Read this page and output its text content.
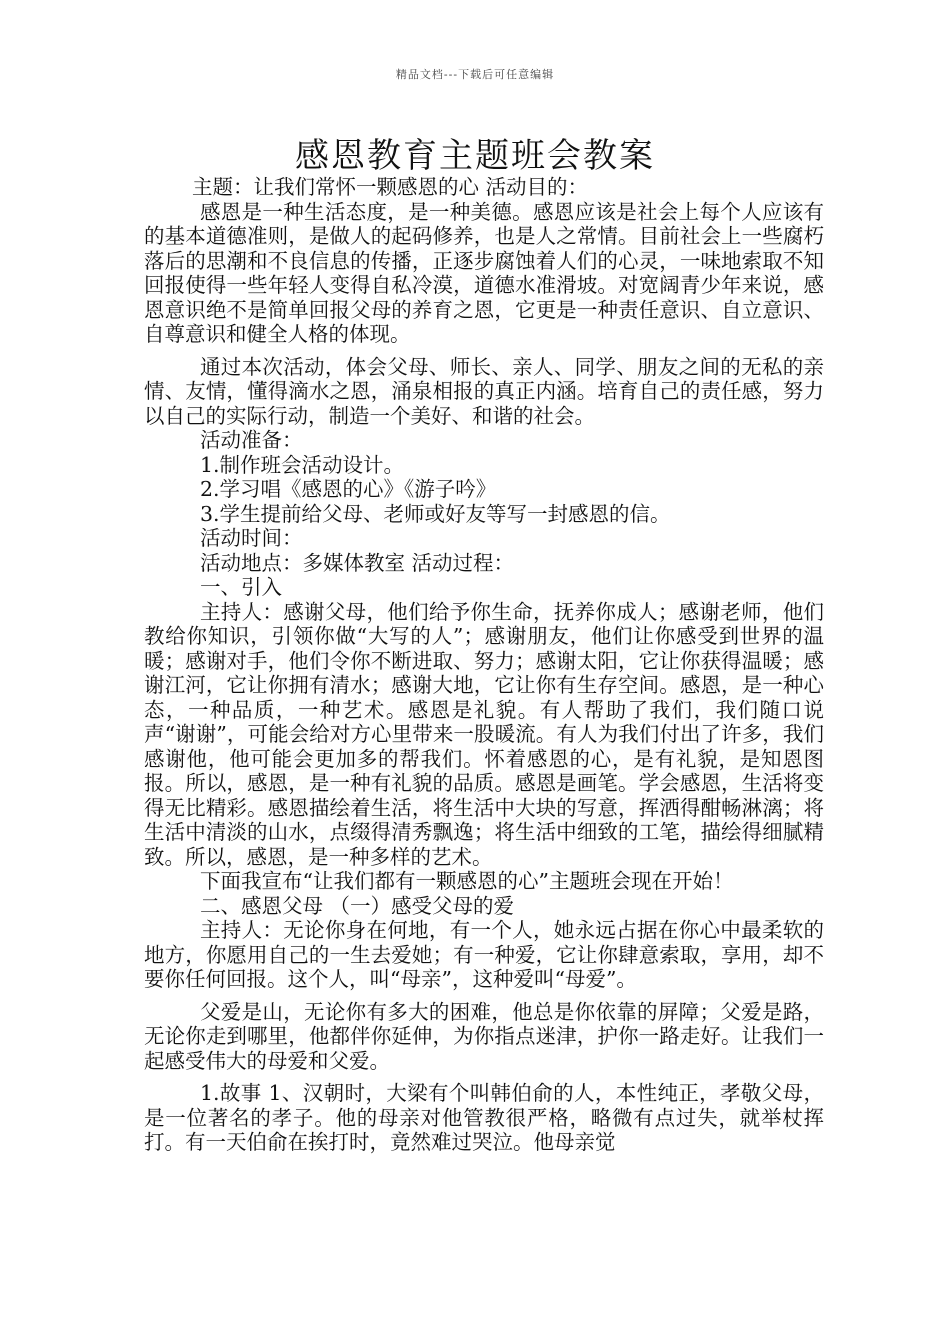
精品文档---下载后可任意编辑
感恩教育主题班会教案

主题：让我们常怀一颗感恩的心 活动目的：

感恩是一种生活态度，是一种美德。感恩应该是社会上每个人应该有的基本道德准则，是做人的起码修养，也是人之常情。目前社会上一些腐朽落后的思潮和不良信息的传播，正逐步腐蚀着人们的心灵，一味地索取不知回报使得一些年轻人变得自私冷漠，道德水准滑坡。对宽阔青少年来说，感恩意识绝不是简单回报父母的养育之恩，它更是一种责任意识、自立意识、自尊意识和健全人格的体现。

通过本次活动，体会父母、师长、亲人、同学、朋友之间的无私的亲情、友情，懂得滴水之恩，涌泉相报的真正内涵。培育自己的责任感，努力以自己的实际行动，制造一个美好、和谐的社会。

活动准备：

1.制作班会活动设计。

2.学习唱《感恩的心》《游子吟》

3.学生提前给父母、老师或好友等写一封感恩的信。

活动时间：

活动地点：多媒体教室 活动过程：

一、引入

主持人：感谢父母，他们给予你生命，抚养你成人；感谢老师，他们教给你知识，引领你做“大写的人”；感谢朋友，他们让你感受到世界的温暖；感谢对手，他们令你不断进取、努力；感谢太阳，它让你获得温暖；感谢江河，它让你拥有清水；感谢大地，它让你有生存空间。感恩，是一种心态，一种品质，一种艺术。感恩是礼貌。有人帮助了我们，我们随口说声“谢谢”，可能会给对方心里带来一股暖流。有人为我们付出了许多，我们感谢他，他可能会更加多的帮我们。怀着感恩的心，是有礼貌，是知恩图报。所以，感恩，是一种有礼貌的品质。感恩是画笔。学会感恩，生活将变得无比精彩。感恩描绘着生活，将生活中大块的写意，挥洒得酣畅淋漓；将生活中清淡的山水，点缀得清秀飘逸；将生活中细致的工笔，描绘得细腻精致。所以，感恩，是一种多样的艺术。

下面我宣布“让我们都有一颗感恩的心”主题班会现在开始！

二、感恩父母 （一）感受父母的爱

主持人：无论你身在何地，有一个人，她永远占据在你心中最柔软的地方，你愿用自己的一生去爱她；有一种爱，它让你肆意索取，享用，却不要你任何回报。这个人，叫“母亲”，这种爱叫“母爱”。

父爱是山，无论你有多大的困难，他总是你依靠的屏障；父爱是路，无论你走到哪里，他都伴你延伸，为你指点迷津，护你一路走好。让我们一起感受伟大的母爱和父爱。

1.故事 1、汉朝时，大梁有个叫韩伯俞的人，本性纯正，孝敬父母，是一位著名的孝子。他的母亲对他管教很严格，略微有点过失，就举杖挥打。有一天伯俞在挨打时，竟然难过哭泣。他母亲觉
